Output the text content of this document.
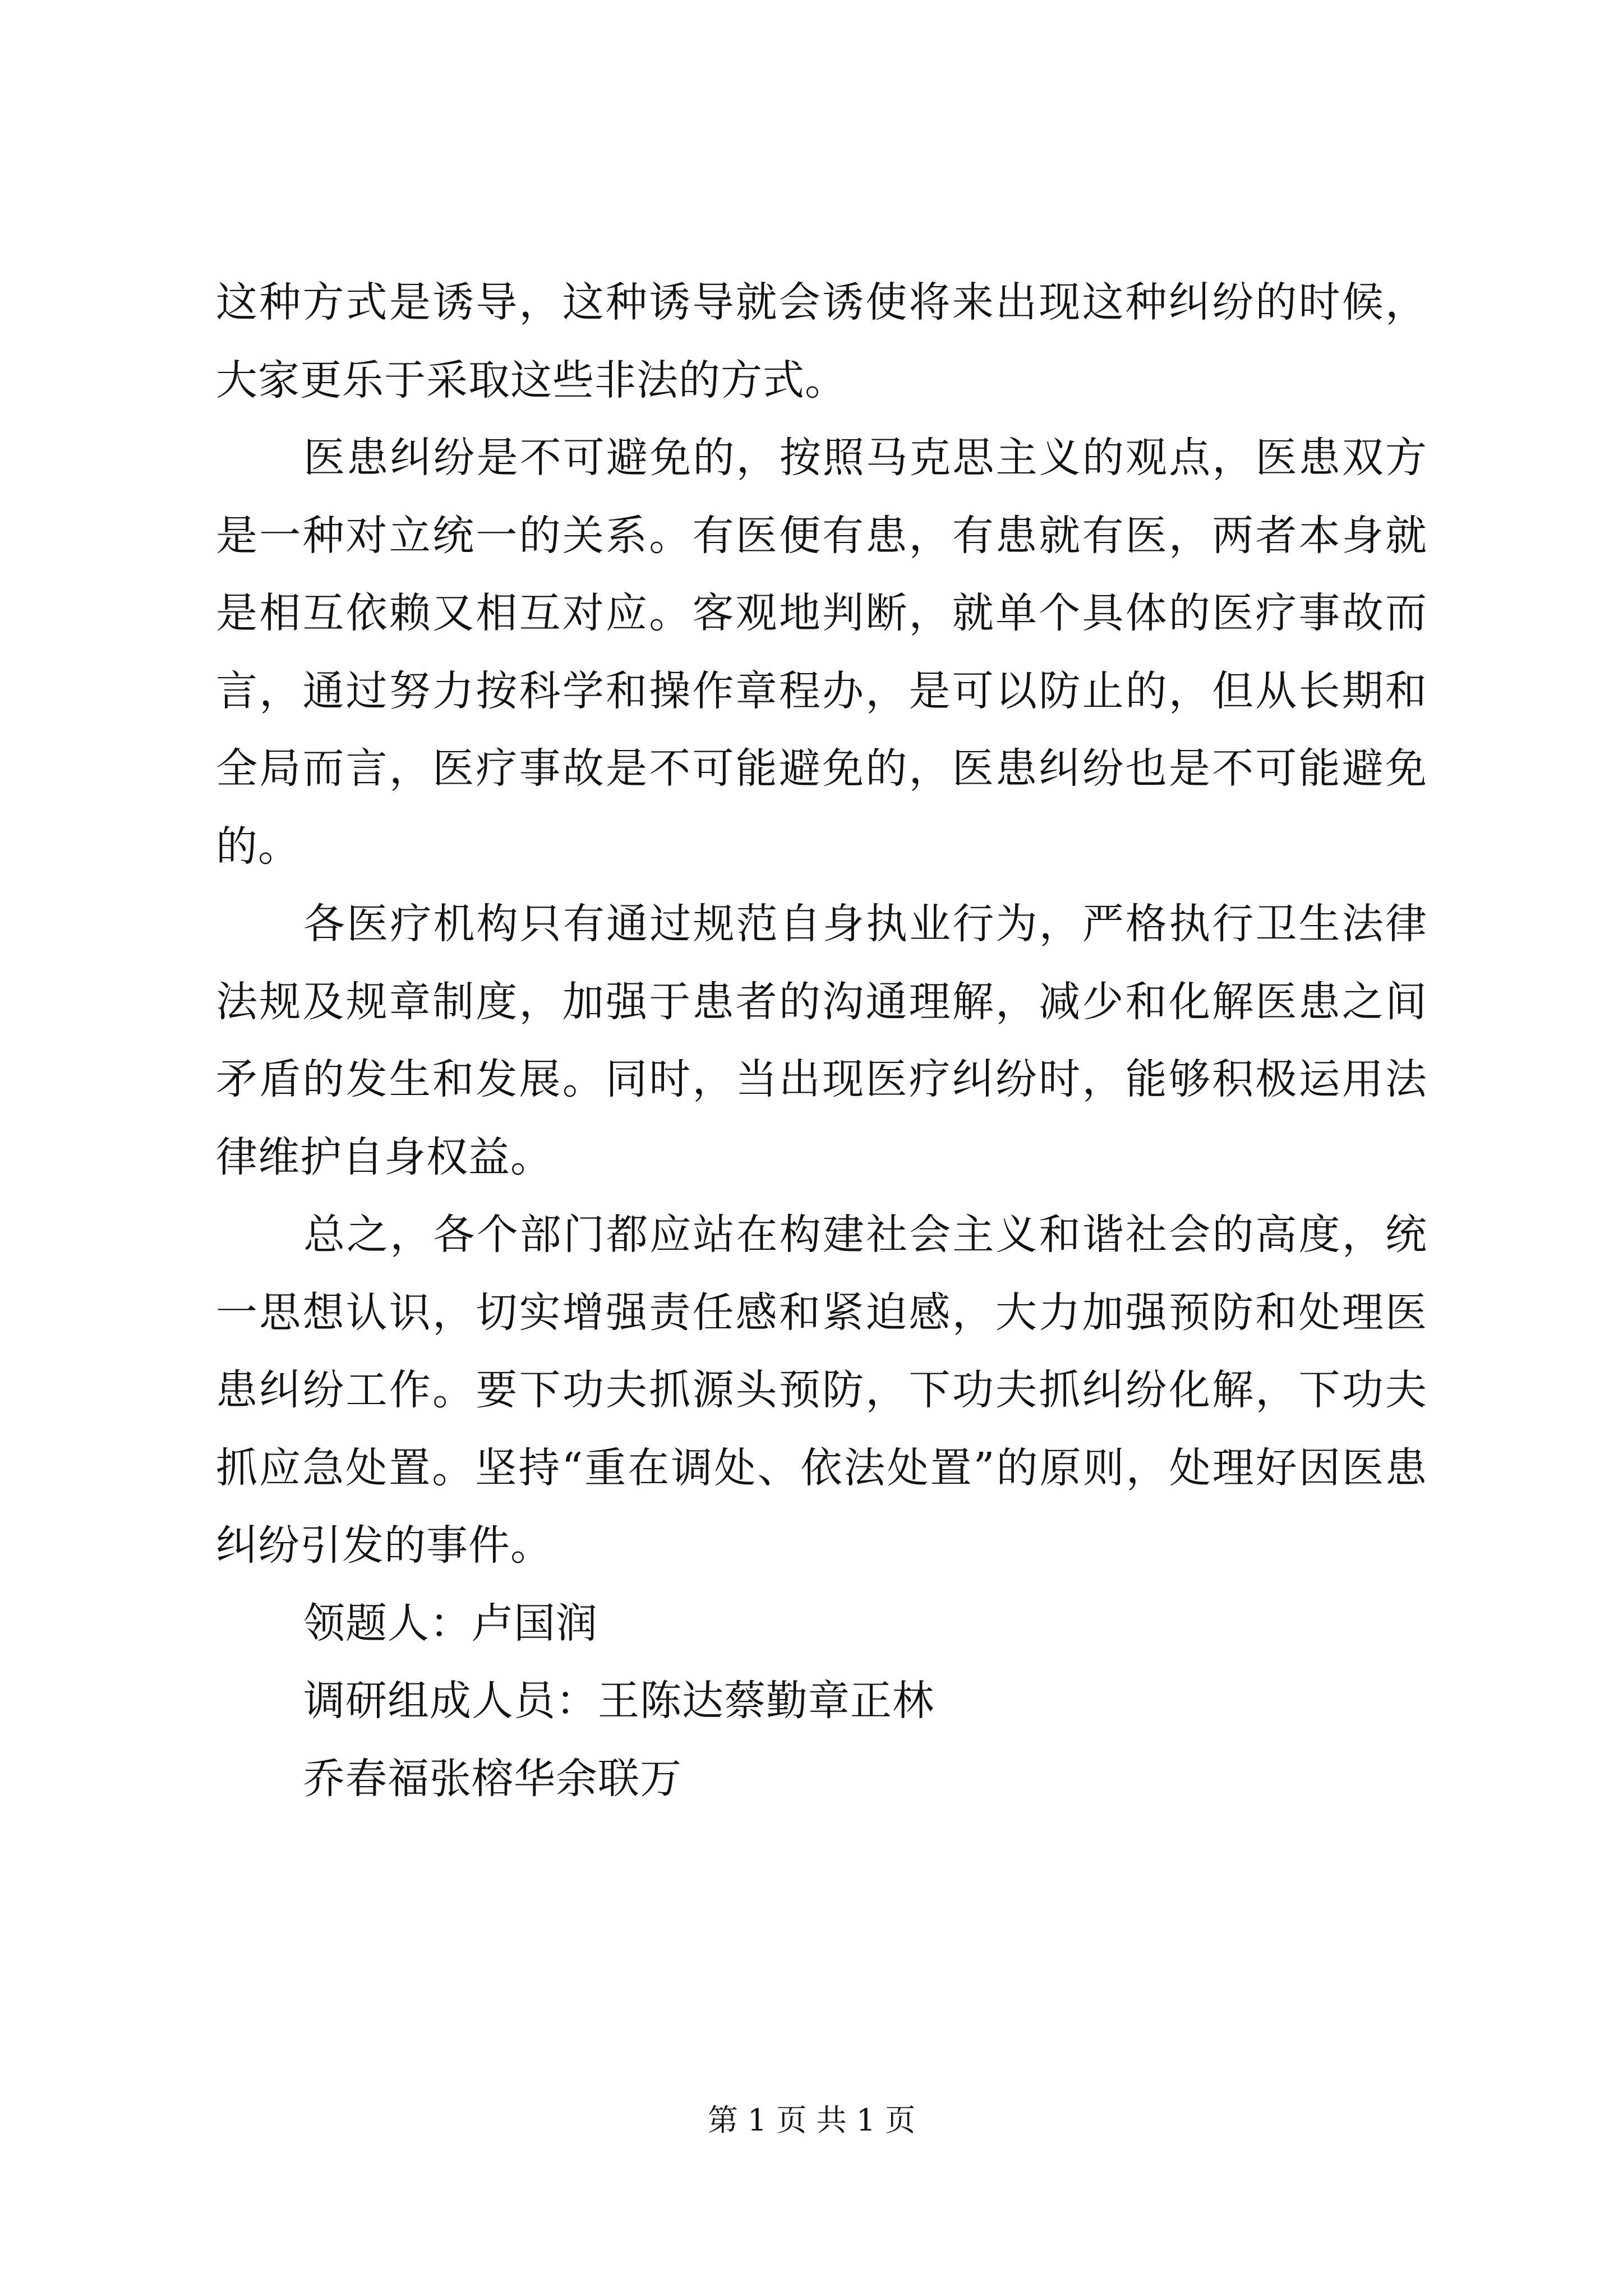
这种方式是诱导，这种诱导就会诱使将来出现这种纠纷的时候，大家更乐于采取这些非法的方式。

医患纠纷是不可避免的，按照马克思主义的观点，医患双方是一种对立统一的关系。有医便有患，有患就有医，两者本身就是相互依赖又相互对应。客观地判断，就单个具体的医疗事故而言，通过努力按科学和操作章程办，是可以防止的，但从长期和全局而言，医疗事故是不可能避免的，医患纠纷也是不可能避免的。

各医疗机构只有通过规范自身执业行为，严格执行卫生法律法规及规章制度，加强于患者的沟通理解，减少和化解医患之间矛盾的发生和发展。同时，当出现医疗纠纷时，能够积极运用法律维护自身权益。

总之，各个部门都应站在构建社会主义和谐社会的高度，统一思想认识，切实增强责任感和紧迫感，大力加强预防和处理医患纠纷工作。要下功夫抓源头预防，下功夫抓纠纷化解，下功夫抓应急处置。坚持“重在调处、依法处置”的原则，处理好因医患纠纷引发的事件。

领题人：卢国润

调研组成人员：王陈达蔡勤章正林

乔春福张榕华余联万

第 1 页 共 1 页
